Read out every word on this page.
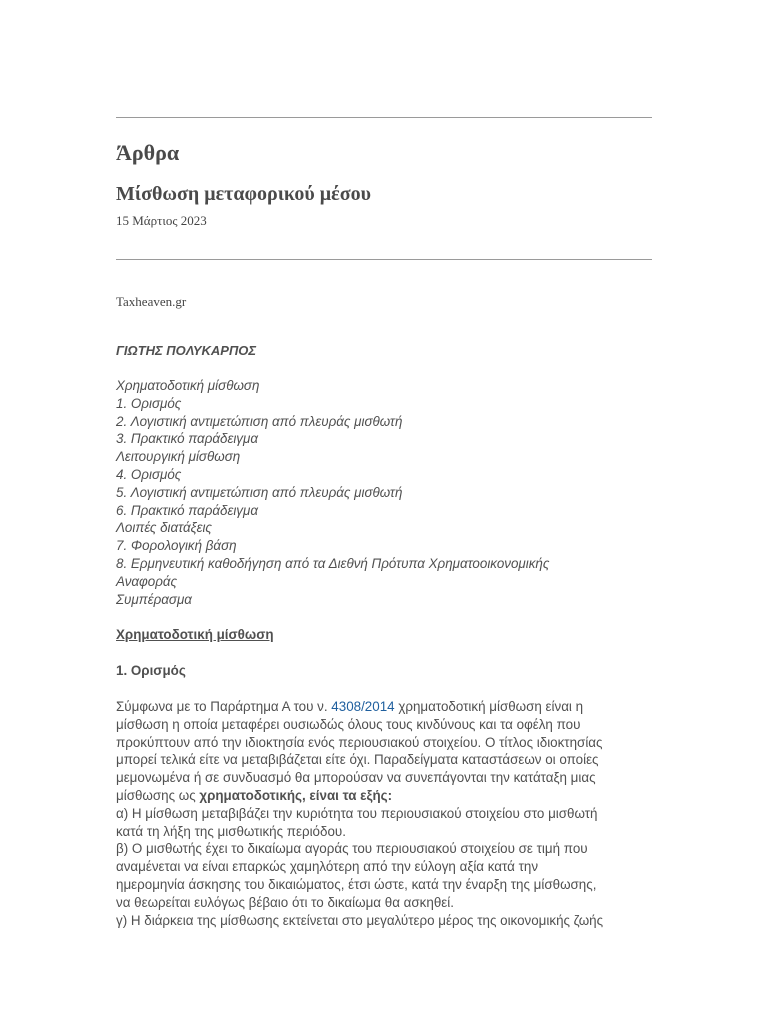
Άρθρα
Μίσθωση μεταφορικού μέσου
15 Μάρτιος 2023
Taxheaven.gr
ΓΙΩΤΗΣ ΠΟΛΥΚΑΡΠΟΣ
Χρηματοδοτική μίσθωση
1. Ορισμός
2. Λογιστική αντιμετώπιση από πλευράς μισθωτή
3. Πρακτικό παράδειγμα
Λειτουργική μίσθωση
4. Ορισμός
5. Λογιστική αντιμετώπιση από πλευράς μισθωτή
6. Πρακτικό παράδειγμα
Λοιπές διατάξεις
7. Φορολογική βάση
8. Ερμηνευτική καθοδήγηση από τα Διεθνή Πρότυπα Χρηματοοικονομικής
Αναφοράς
Συμπέρασμα
Χρηματοδοτική μίσθωση
1. Ορισμός
Σύμφωνα με το Παράρτημα Α του ν. 4308/2014 χρηματοδοτική μίσθωση είναι η
μίσθωση η οποία μεταφέρει ουσιωδώς όλους τους κινδύνους και τα οφέλη που
προκύπτουν από την ιδιοκτησία ενός περιουσιακού στοιχείου. Ο τίτλος ιδιοκτησίας
μπορεί τελικά είτε να μεταβιβάζεται είτε όχι. Παραδείγματα καταστάσεων οι οποίες
μεμονωμένα ή σε συνδυασμό θα μπορούσαν να συνεπάγονται την κατάταξη μιας
μίσθωσης ως χρηματοδοτικής, είναι τα εξής:
α) Η μίσθωση μεταβιβάζει την κυριότητα του περιουσιακού στοιχείου στο μισθωτή
κατά τη λήξη της μισθωτικής περιόδου.
β) Ο μισθωτής έχει το δικαίωμα αγοράς του περιουσιακού στοιχείου σε τιμή που
αναμένεται να είναι επαρκώς χαμηλότερη από την εύλογη αξία κατά την
ημερομηνία άσκησης του δικαιώματος, έτσι ώστε, κατά την έναρξη της μίσθωσης,
να θεωρείται ευλόγως βέβαιο ότι το δικαίωμα θα ασκηθεί.
γ) Η διάρκεια της μίσθωσης εκτείνεται στο μεγαλύτερο μέρος της οικονομικής ζωής
